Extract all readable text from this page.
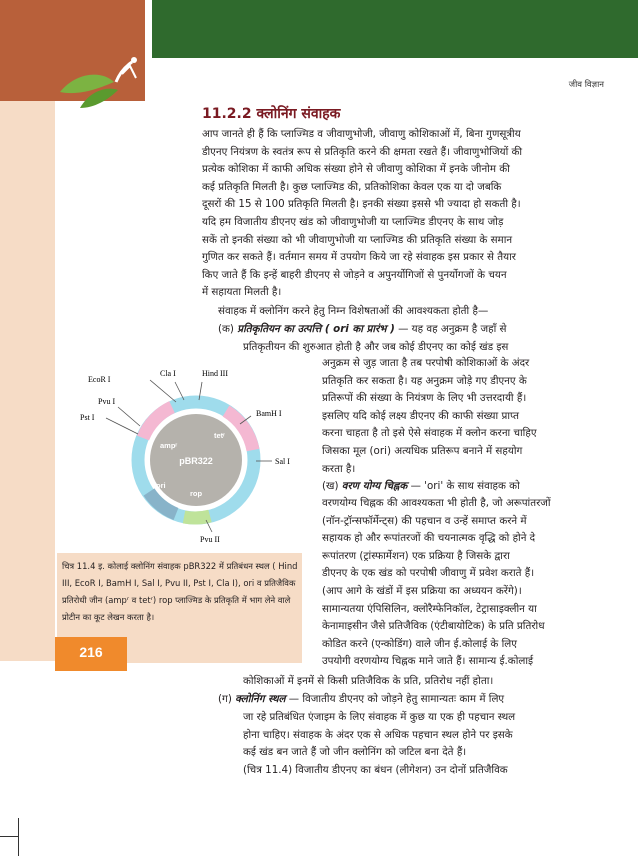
जीव विज्ञान
11.2.2 क्लोनिंग संवाहक

आप जानते ही हैं कि प्लाज्मिड व जीवाणुभोजी, जीवाणु कोशिकाओं में, बिना गुणसूत्रीय

डीएनए नियंत्रण के स्वतंत्र रूप से प्रतिकृति करने की क्षमता रखते हैं। जीवाणुभोजियों की

प्रत्येक कोशिका में काफी अधिक संख्या होने से जीवाणु कोशिका में इनके जीनोम की

कई प्रतिकृति मिलती है। कुछ प्लाज्मिड की, प्रतिकोशिका केवल एक या दो जबकि

दूसरों की 15 से 100 प्रतिकृति मिलती है। इनकी संख्या इससे भी ज्यादा हो सकती है।

यदि हम विजातीय डीएनए खंड को जीवाणुभोजी या प्लाज्मिड डीएनए के साथ जोड़

सकें तो इनकी संख्या को भी जीवाणुभोजी या प्लाज्मिड की प्रतिकृति संख्या के समान

गुणित कर सकते हैं। वर्तमान समय में उपयोग किये जा रहे संवाहक इस प्रकार से तैयार

किए जाते हैं कि इन्हें बाहरी डीएनए से जोड़ने व अपुनर्योगिजों से पुनर्योगजों के चयन

में सहायता मिलती है।

संवाहक में क्लोनिंग करने हेतु निम्न विशेषताओं की आवश्यकता होती है—

(क) प्रतिकृतियन का उत्पत्ति ( ori का प्रारंभ ) — यह वह अनुक्रम है जहाँ से

प्रतिकृतीयन की शुरुआत होती है और जब कोई डीएनए का कोई खंड इस

अनुक्रम से जुड़ जाता है तब परपोषी कोशिकाओं के अंदर

प्रतिकृति कर सकता है। यह अनुक्रम जोड़े गए डीएनए के

प्रतिरूपों की संख्या के नियंत्रण के लिए भी उत्तरदायी हैं।

इसलिए यदि कोई लक्ष्य डीएनए की काफी संख्या प्राप्त

करना चाहता है तो इसे ऐसे संवाहक में क्लोन करना चाहिए

जिसका मूल (ori) अत्यधिक प्रतिरूप बनाने में सहयोग

करता है।

(ख) वरण योग्य चिह्नक — 'ori' के साथ संवाहक को

वरणयोग्य चिह्नक की आवश्यकता भी होती है, जो अरूपांतरजों

(नॉन-ट्रॉन्सफॉर्मेन्ट्स) की पहचान व उन्हें समाप्त करने में

सहायक हो और रूपांतरजों की चयनात्मक वृद्धि को होने दे

रूपांतरण (ट्रांस्फार्मेशन) एक प्रक्रिया है जिसके द्वारा

डीएनए के एक खंड को परपोषी जीवाणु में प्रवेश कराते हैं।

(आप आगे के खंडों में इस प्रक्रिया का अध्ययन करेंगे)।

सामान्यतया एंपिसिलिन, क्लोरैम्फेनिकॉल, टेट्रासाइक्लीन या

केनामाइसीन जैसे प्रतिजैविक (एंटीबायोटिक) के प्रति प्रतिरोध

कोडित करने (एन्कोडिंग) वाले जीन ई.कोलाई के लिए

उपयोगी वरणयोग्य चिह्नक माने जाते हैं। सामान्य ई.कोलाई

कोशिकाओं में इनमें से किसी प्रतिजैविक के प्रति, प्रतिरोध नहीं होता।

(ग) क्लोनिंग स्थल — विजातीय डीएनए को जोड़ने हेतु सामान्यतः काम में लिए

जा रहे प्रतिबंधित एंजाइम के लिए संवाहक में कुछ या एक ही पहचान स्थल

होना चाहिए। संवाहक के अंदर एक से अधिक पहचान स्थल होने पर इसके

कई खंड बन जाते हैं जो जीन क्लोनिंग को जटिल बना देते हैं।

(चित्र 11.4) विजातीय डीएनए का बंधन (लीगेशन) उन दोनों प्रतिजैविक

pBR322
ampʳ
tetʳ
ori
rop
Cla I	Hind III
EcoR I
BamH I
Pvu I
Pst I
Sal I
Pvu II

चित्र 11.4 इ. कोलाई क्लोनिंग संवाहक pBR322 में प्रतिबंधन स्थल ( Hind III, EcoR I, BamH I, Sal I, Pvu II, Pst I, Cla I), ori व प्रतिजैविक प्रतिरोधी जीन (ampʳ व tetʳ) rop प्लाज्मिड के प्रतिकृति में भाग लेने वाले प्रोटीन का कूट लेखन करता है।

216
